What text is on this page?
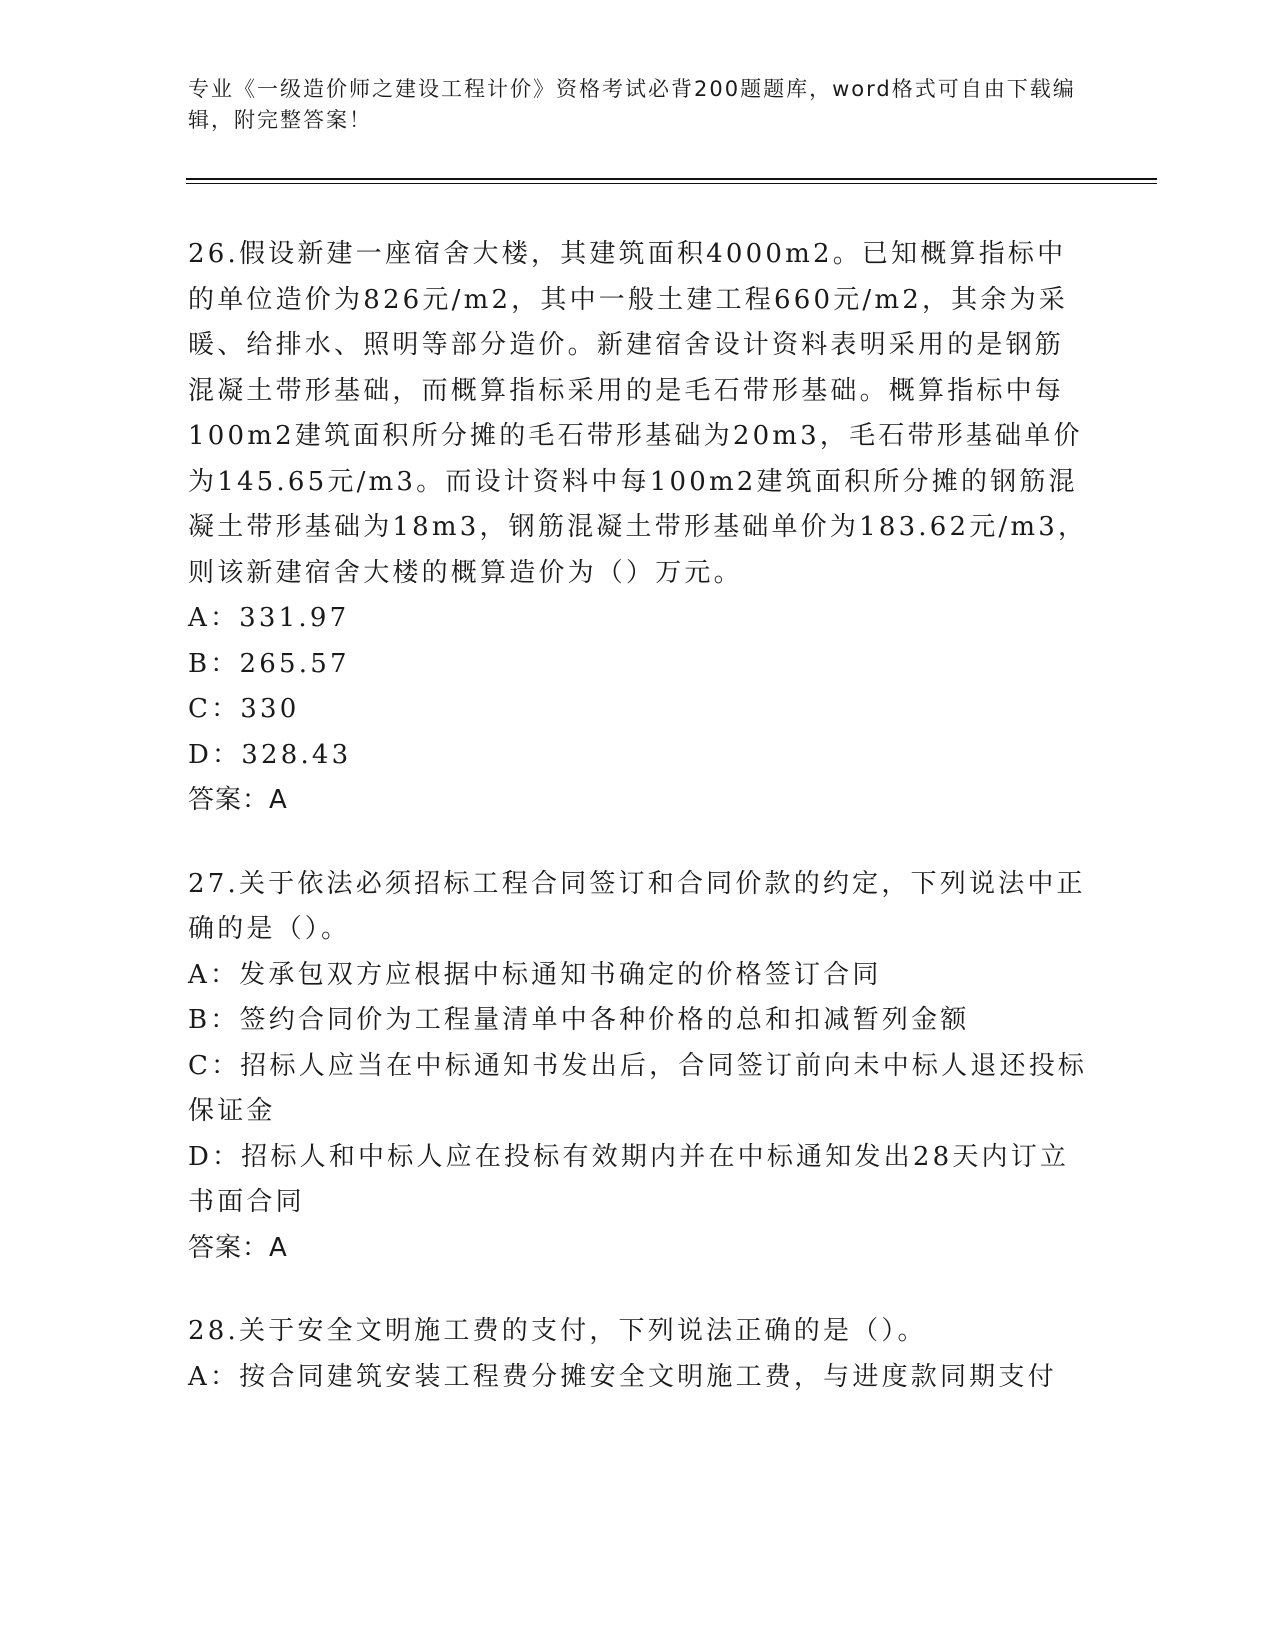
专业《一级造价师之建设工程计价》资格考试必背200题题库，word格式可自由下载编辑，附完整答案！

26.假设新建一座宿舍大楼，其建筑面积4000m2。已知概算指标中的单位造价为826元/m2，其中一般土建工程660元/m2，其余为采暖、给排水、照明等部分造价。新建宿舍设计资料表明采用的是钢筋混凝土带形基础，而概算指标采用的是毛石带形基础。概算指标中每100m2建筑面积所分摊的毛石带形基础为20m3，毛石带形基础单价为145.65元/m3。而设计资料中每100m2建筑面积所分摊的钢筋混凝土带形基础为18m3，钢筋混凝土带形基础单价为183.62元/m3，则该新建宿舍大楼的概算造价为（）万元。

A：331.97

B：265.57

C：330

D：328.43

答案：A

27.关于依法必须招标工程合同签订和合同价款的约定，下列说法中正确的是（）。

A：发承包双方应根据中标通知书确定的价格签订合同

B：签约合同价为工程量清单中各种价格的总和扣减暂列金额

C：招标人应当在中标通知书发出后，合同签订前向未中标人退还投标保证金

D：招标人和中标人应在投标有效期内并在中标通知发出28天内订立书面合同

答案：A

28.关于安全文明施工费的支付，下列说法正确的是（）。

A：按合同建筑安装工程费分摊安全文明施工费，与进度款同期支付
